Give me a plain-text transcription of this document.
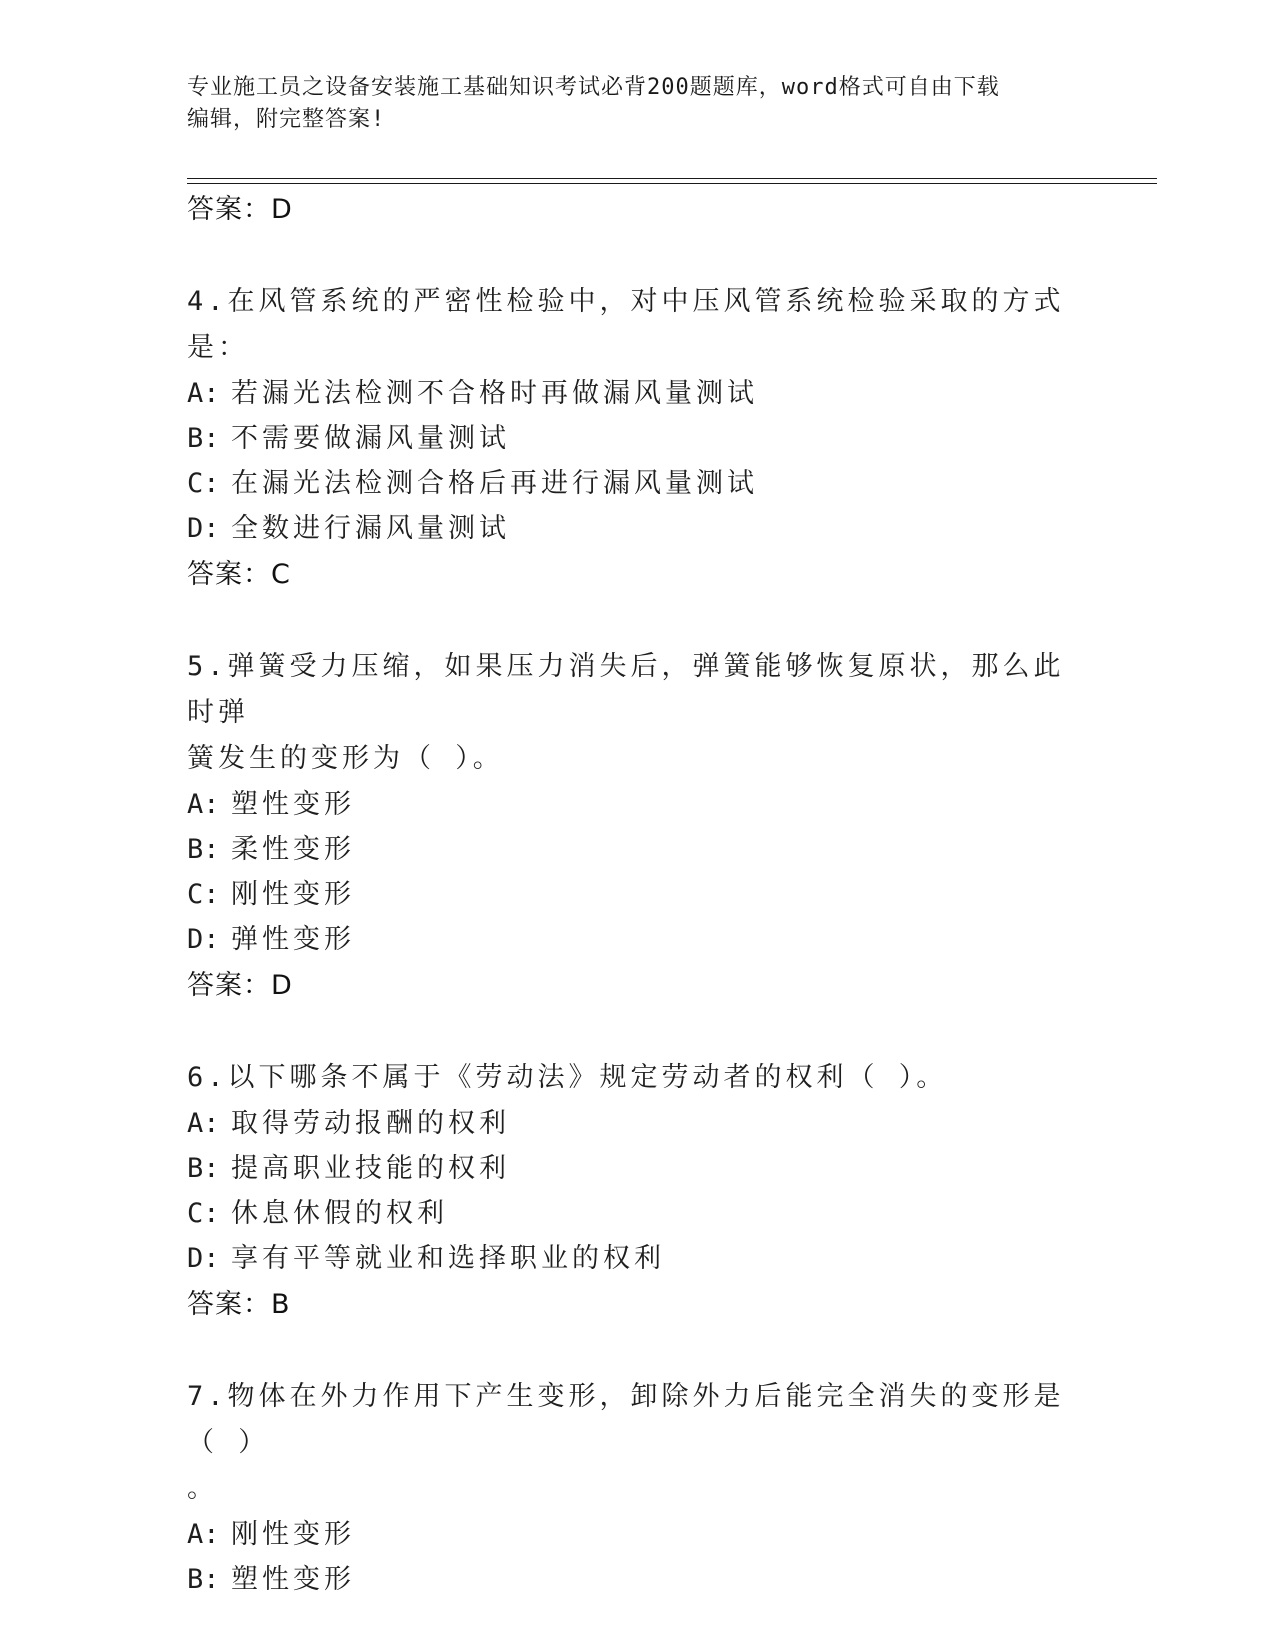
专业施工员之设备安装施工基础知识考试必背200题题库，word格式可自由下载
编辑，附完整答案!
答案：D
4.在风管系统的严密性检验中，对中压风管系统检验采取的方式是：
A: 若漏光法检测不合格时再做漏风量测试
B: 不需要做漏风量测试
C: 在漏光法检测合格后再进行漏风量测试
D: 全数进行漏风量测试
答案：C
5.弹簧受力压缩，如果压力消失后，弹簧能够恢复原状，那么此时弹
簧发生的变形为（ ）。
A: 塑性变形
B: 柔性变形
C: 刚性变形
D: 弹性变形
答案：D
6.以下哪条不属于《劳动法》规定劳动者的权利（ ）。
A: 取得劳动报酬的权利
B: 提高职业技能的权利
C: 休息休假的权利
D: 享有平等就业和选择职业的权利
答案：B
7.物体在外力作用下产生变形，卸除外力后能完全消失的变形是（ ）
。
A: 刚性变形
B: 塑性变形
